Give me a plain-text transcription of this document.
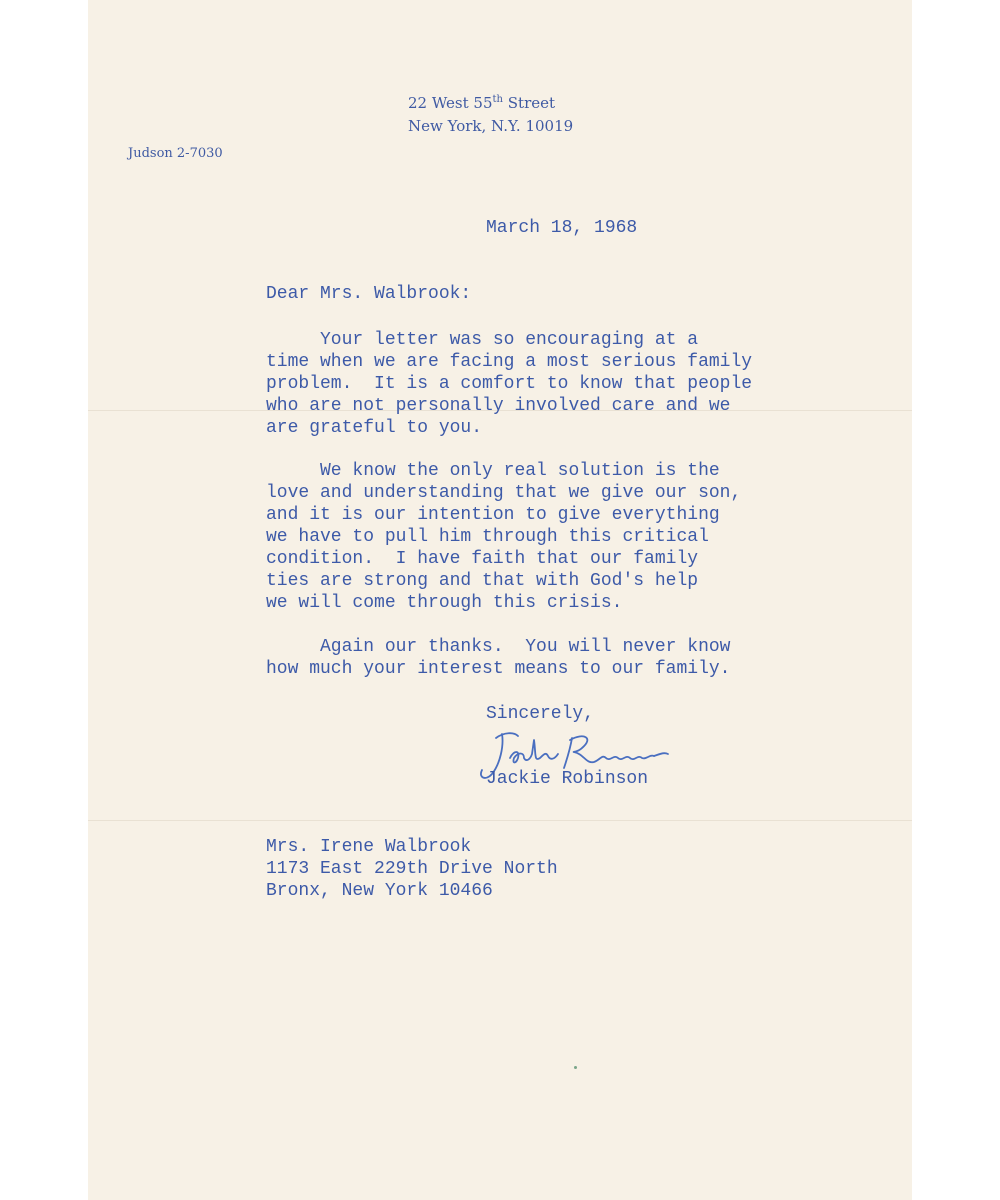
22 West 55th Street
New York, N.Y. 10019
Judson 2-7030
March 18, 1968
Dear Mrs. Walbrook:
Your letter was so encouraging at a
time when we are facing a most serious family
problem.  It is a comfort to know that people
who are not personally involved care and we
are grateful to you.
We know the only real solution is the
love and understanding that we give our son,
and it is our intention to give everything
we have to pull him through this critical
condition.  I have faith that our family
ties are strong and that with God's help
we will come through this crisis.
Again our thanks.  You will never know
how much your interest means to our family.
Sincerely,
Jackie Robinson
Mrs. Irene Walbrook
1173 East 229th Drive North
Bronx, New York 10466
